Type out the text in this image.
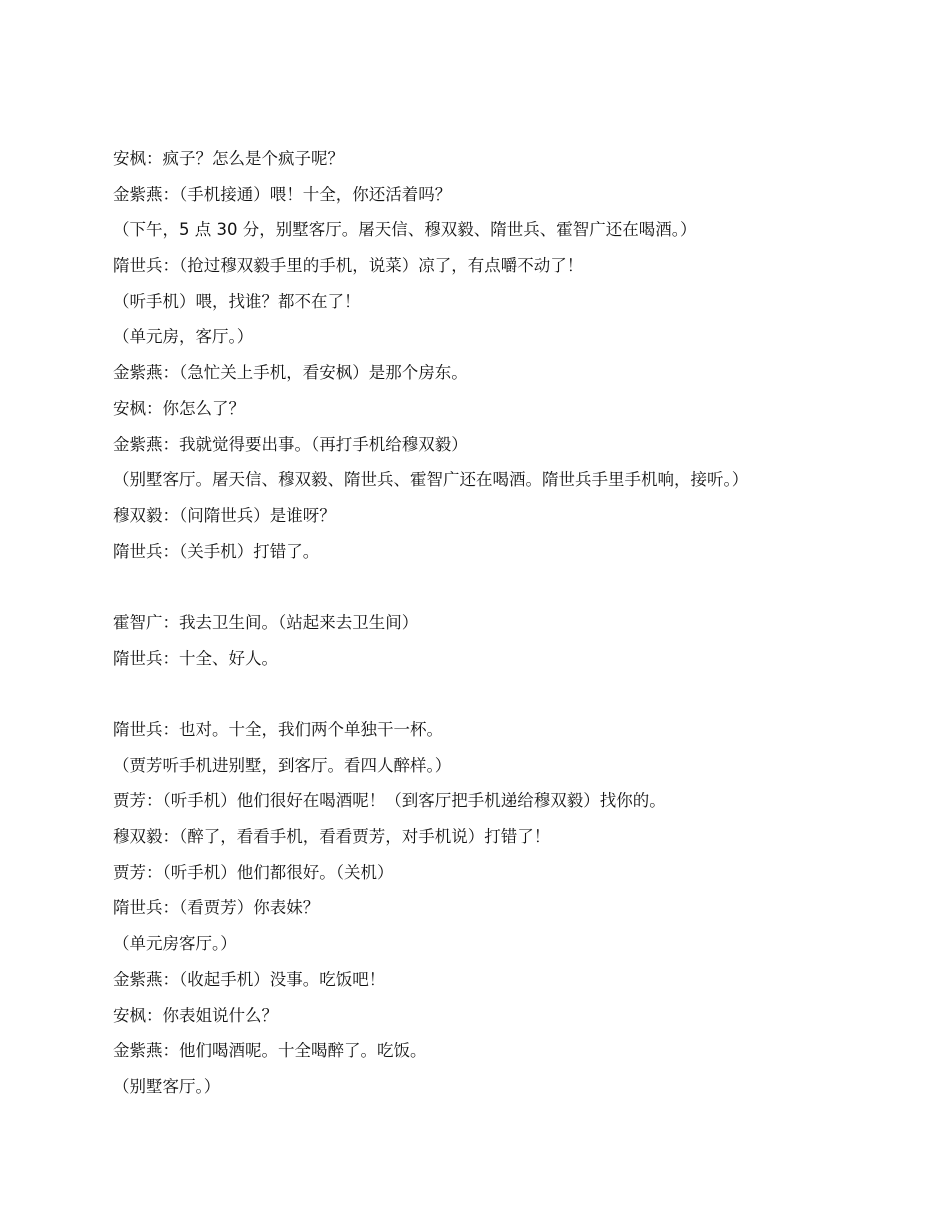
安枫：疯子？怎么是个疯子呢？
金紫燕：（手机接通）喂！十全，你还活着吗？
（下午，5 点 30 分，别墅客厅。屠天信、穆双毅、隋世兵、霍智广还在喝酒。）
隋世兵：（抢过穆双毅手里的手机，说菜）凉了，有点嚼不动了！
（听手机）喂，找谁？都不在了！
（单元房，客厅。）
金紫燕：（急忙关上手机，看安枫）是那个房东。
安枫：你怎么了？
金紫燕：我就觉得要出事。（再打手机给穆双毅）
（别墅客厅。屠天信、穆双毅、隋世兵、霍智广还在喝酒。隋世兵手里手机响，接听。）
穆双毅：（问隋世兵）是谁呀？
隋世兵：（关手机）打错了。
霍智广：我去卫生间。（站起来去卫生间）
隋世兵：十全、好人。
隋世兵：也对。十全，我们两个单独干一杯。
（贾芳听手机进别墅，到客厅。看四人醉样。）
贾芳：（听手机）他们很好在喝酒呢！（到客厅把手机递给穆双毅）找你的。
穆双毅：（醉了，看看手机，看看贾芳，对手机说）打错了！
贾芳：（听手机）他们都很好。（关机）
隋世兵：（看贾芳）你表妹？
（单元房客厅。）
金紫燕：（收起手机）没事。吃饭吧！
安枫：你表姐说什么？
金紫燕：他们喝酒呢。十全喝醉了。吃饭。
（别墅客厅。）
